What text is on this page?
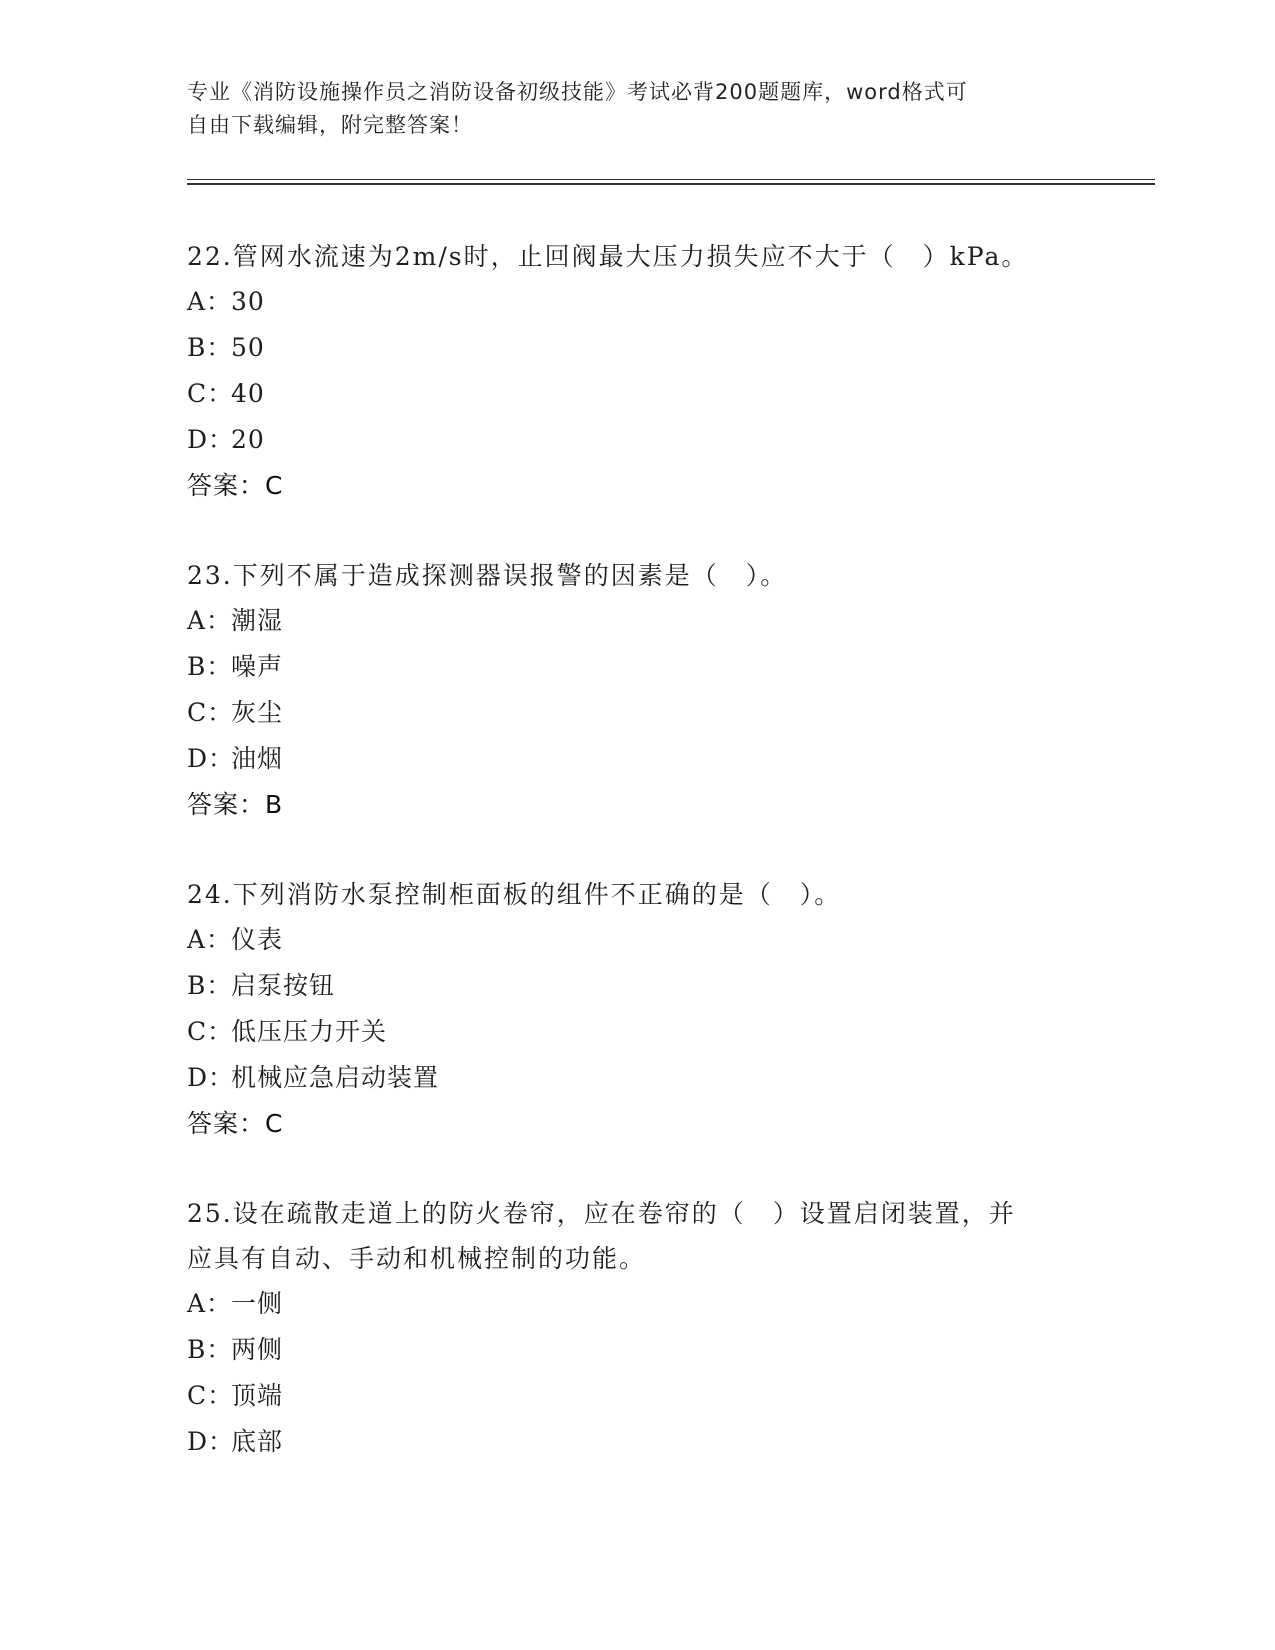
专业《消防设施操作员之消防设备初级技能》考试必背200题题库，word格式可
自由下载编辑，附完整答案！
22.管网水流速为2m/s时，止回阀最大压力损失应不大于（　）kPa。
A：
30
B：
50
C：
40
D：
20
答案：C
23.下列不属于造成探测器误报警的因素是（　）。
A：
潮湿
B：
噪声
C：
灰尘
D：
油烟
答案：B
24.下列消防水泵控制柜面板的组件不正确的是（　）。
A：
仪表
B：
启泵按钮
C：
低压压力开关
D：
机械应急启动装置
答案：C
25.设在疏散走道上的防火卷帘，应在卷帘的（　）设置启闭装置，并
应具有自动、手动和机械控制的功能。
A：
一侧
B：
两侧
C：
顶端
D：
底部
